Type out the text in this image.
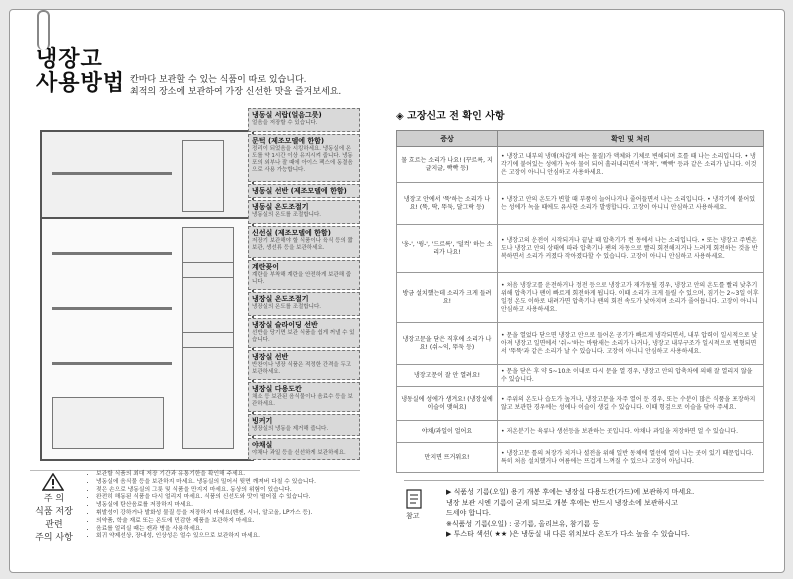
냉장고
사용방법 칸마다 보관할 수 있는 식품이 따로 있습니다.
최적의 장소에 보관하여 가장 신선한 맛을 즐겨보세요.
냉동실 서랍(얼음그릇)
얼음을 저장할 수 있습니다.
문턱 (제조모델에 한함)
정리이 되었음을 시킹하세요. 냉동실에 온도를 약 1시간 이상 유지시켜 줍니다. 냉동포의 외부나 잘 때에 아이스 팩스에 동결음으로 사용 가능합니다.
냉동실 선반 (제조모델에 한함)
냉동실 온도조절기
냉동실의 온도를 조절합니다.
신선실 (제조모델에 한함)
저장기 보관해야 할 식품이나 육식 등의 짧 보관, 생선류 등을 보관하세요.
계란꽂이
계란을 부착해 계란을 안전하게 보관해 줍니다.
냉장실 온도조절기
냉장실의 온도를 조절합니다.
냉장실 슬라이딩 선반
선반을 당기면 보관 식품을 쉽게 꺼낼 수 있습니다.
냉장실 선반
반찬이나 냉장 식품은 적정한 간격을 두고 보관하세요.
냉장실 다용도칸
채소 등 보관된 음식물이나 음료수 등을 보관하세요.
빙커기
냉장실의 냉동을 제거해 줍니다.
야채실
야채나 과일 등을 신선하게 보관하세요.
주 의
식품 저장
관련
주의 사항
• 보관할 식품의 최대 저장 기간과 유통기한을 확인해 주세요.
• 냉동실에 음식물 등을 보관하지 마세요. 냉동실의 밀어서 뒷면 깨져버 다칠 수 있습니다.
• 젖은 손으로 냉동실의 그릇 및 식품을 만지지 마세요. 동상의 위험이 있습니다.
• 완전히 해동된 식품을 다시 얼리지 마세요. 식품의 신선도와 맛이 떨어질 수 있습니다.
• 냉동실에 탄산음료를 저장하지 마세요.
• 휘발성이 강하거나 발화성 물질 등을 저장하지 마세요(벤젠, 시너, 알코올, LP가스 등).
• 의약품, 학술 재료 또는 온도에 민감한 제품을 보관하지 마세요.
• 음료를 얼리실 때는 캔과 병을 사용하세요.
• 회귀 약제선상, 장내성, 인상성은 얼수 있으므로 보관하지 마세요.
◈ 고장신고 전 확인 사항
증상	확인 및 처리
물 흐르는 소리가 나요! (꾸르륵, 지글지글, 빡빡 등)	• 냉장고 내부의 냉매(차갑게 하는 물질)가 액체와 기체로 변해되며 흐를 때 나는 소리입니다. • 냉각기에 붙어있는 성에가 녹아 물이 되어 흘러내리면서 '착착', '빡빡' 등과 같은 소리가 납니다. 이것은 고장이 아니니 안심하고 사용하세요.
냉장고 안에서 '뚝'하는 소리가 나요! (뚝, 딱, 뚜둑, 달그락 등)	• 냉장고 안의 온도가 변할 때 부품이 늘어나거나 줄어들면서 나는 소리입니다. • 냉각기에 붙어있는 성에가 녹을 때에도 유사한 소리가 발생합니다. 고장이 아니니 안심하고 사용하세요.
'웅-', '윙-', '드르륵', '덜컥' 하는 소리가 나요!	• 냉장고의 운전이 시작되거나 끝날 때 압축기가 켠 동에서 나는 소리입니다. • 또는 냉장고 주변온도나 냉장고 안의 상태에 따라 압축기나 팬의 자동으로 빨리 회전해지거나 느려게 회전하는 것을 반복하면서 소리가 커졌다 작아졌다할 수 있습니다. 고장이 아니니 안심하고 사용하세요.
방금 설치했는데 소리가 크게 들려요!	• 처음 냉장고를 운전하거나 정전 등으로 냉장고가 재가동될 경우, 냉장고 안의 온도를 빨리 낮추기 위해 압축기나 팬이 빠르게 회전하게 됩니다. 이때 소리가 크게 들릴 수 있으며, 짐기는 2~3일 이후 일정 온도 이하로 내려가면 압축기나 팬의 회전 속도가 낮아지며 소리가 줄어듭니다. 고장이 아니니 안심하고 사용하세요.
냉장고문을 닫은 직후에 소리가 나요! (쉬~익, 뚜둑 등)	• 문을 열었다 닫으면 냉장고 안으로 들어온 공기가 빠르게 냉각되면서, 내부 압력이 일시적으로 낮아져 냉장고 일면에서 '쉬~'하는 바람새는 소리가 나거나, 냉장고 내부구조가 일시적으로 변형되면서 '뚜뚝'과 같은 소리가 날 수 있습니다. 고장이 아니니 안심하고 사용하세요.
냉장고문이 잘 안 열려요!	• 문을 닫은 후 약 5~10초 이내로 다시 문을 열 경우, 냉장고 안의 압축차에 의해 잘 열리지 않을 수 있습니다.
냉동실에 성에가 생겨요! (냉장실에 이슬이 맺혀요)	• 주위의 온도나 습도가 높거나, 냉장고문을 자주 열어 둔 경우, 또는 수분이 많은 식품을 포장하지 않고 보관한 경우에는 성에나 이슬이 생길 수 있습니다. 이때 헝겊으로 이슬을 닦아 주세요.
야채/과일이 얼어요	• 저온분기는 육류나 생선등을 보관하는 곳입니다. 야채나 과일을 저장하면 얼 수 있습니다.
만지면 뜨거워요!	• 냉장고문 틀의 처장가 치거나 셜전을 위해 일반 동체에 열선에 열이 나는 곳이 있기 때문입니다. 특히 처음 설치했거나 여름에는 뜨겁게 느껴질 수 있으나 고장이 아닙니다.
참고
▶ 식품성 기름(오일) 용기 개봉 후에는 냉장실 다용도칸(가드)에 보관하지 마세요.
냉장 보관 시엔 기름이 굳게 되므로 개봉 후에는 반드시 냉장소에 보관하시고
드세야 합니다.
※식품성 기름(오일) : 공기름, 올리브유, 참기름 등
▶ 투스타 색션( ★★ )은 냉동실 내 다른 위치보다 온도가 다소 높을 수 있습니다.
